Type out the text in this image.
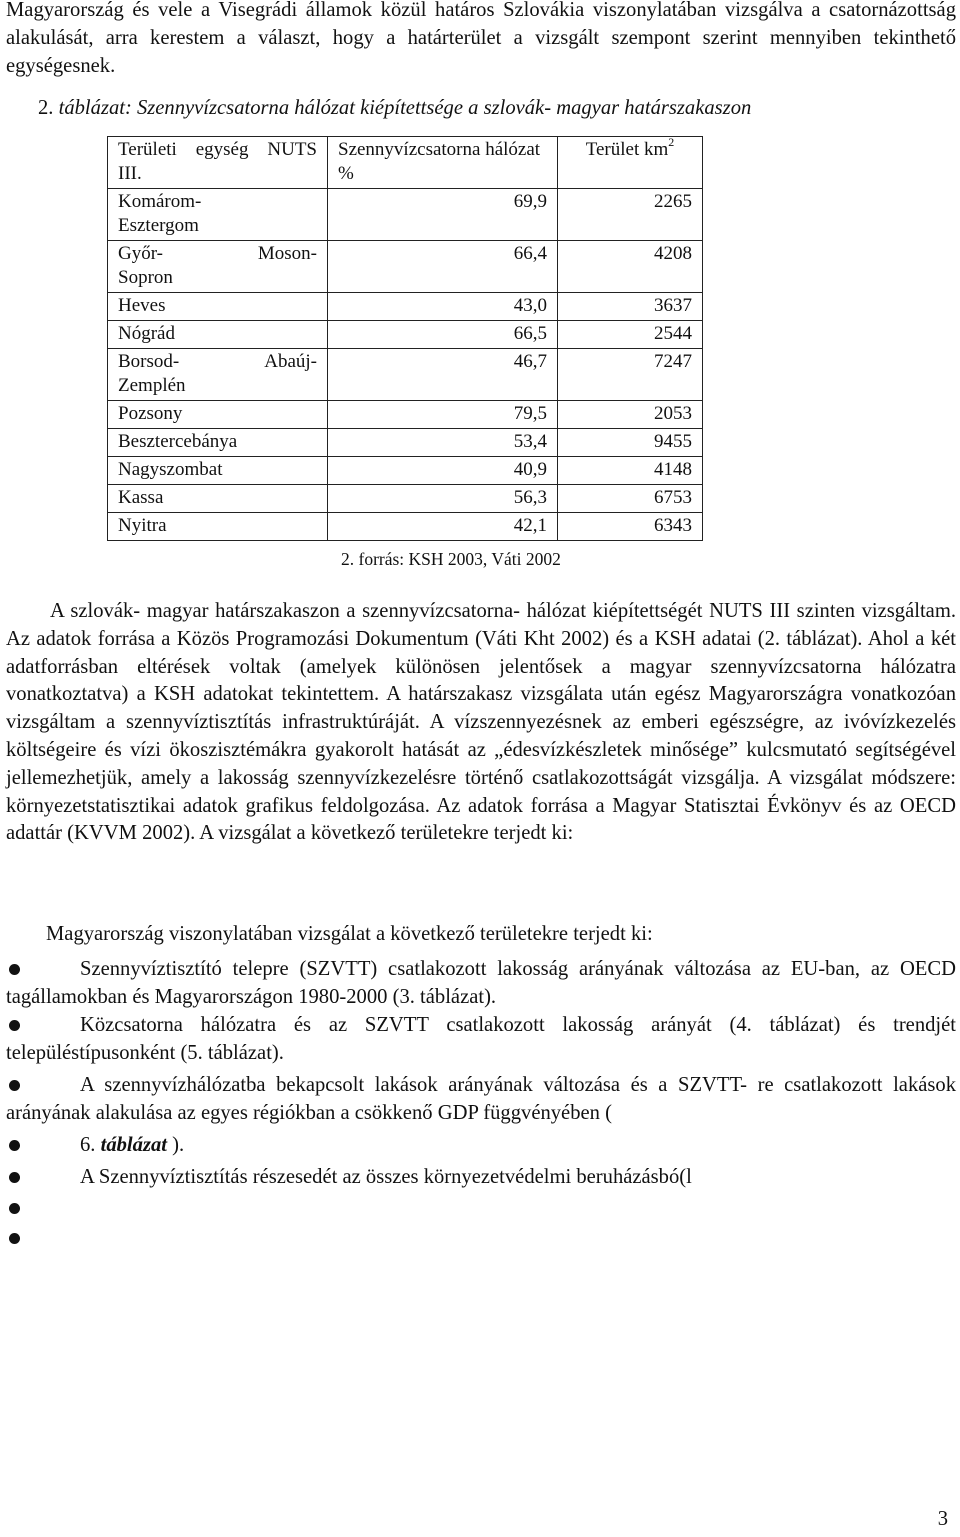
Magyarország és vele a Visegrádi államok közül határos Szlovákia viszonylatában vizsgálva a csatornázottság alakulását, arra kerestem a választ, hogy a határterület a vizsgált szempont szerint mennyiben tekinthető egységesnek.

2. táblázat: Szennyvízcsatorna hálózat kiépítettsége a szlovák- magyar határszakaszon

Területi egység NUTS III.	Szennyvízcsatorna hálózat %	Terület $km^2$
Komárom-
Esztergom	69,9	2265

Győr- Moson-
Sopron	66,4	4208
Heves	43,0	3637
Nógrád	66,5	2544

Borsod- Abaúj-
Zemplén	46,7	7247
Pozsony	79,5	2053
Besztercebánya	53,4	9455
Nagyszombat	40,9	4148
Kassa	56,3	6753
Nyitra	42,1	6343

2. forrás: KSH 2003, Váti 2002

A szlovák- magyar határszakaszon a szennyvízcsatorna- hálózat kiépítettségét NUTS III szinten vizsgáltam. Az adatok forrása a Közös Programozási Dokumentum (Váti Kht 2002) és a KSH adatai (2. táblázat). Ahol a két adatforrásban eltérések voltak (amelyek különösen jelentősek a magyar szennyvízcsatorna hálózatra vonatkoztatva) a KSH adatokat tekintettem. A határszakasz vizsgálata után egész Magyarországra vonatkozóan vizsgáltam a szennyvíztisztítás infrastruktúráját. A vízszennyezésnek az emberi egészségre, az ivóvízkezelés költségeire és vízi ökoszisztémákra gyakorolt hatását az „édesvízkészletek minősége” kulcsmutató segítségével jellemezhetjük, amely a lakosság szennyvízkezelésre történő csatlakozottságát vizsgálja. A vizsgálat módszere: környezetstatisztikai adatok grafikus feldolgozása. Az adatok forrása a Magyar Statisztai Évkönyv és az OECD adattár (KVVM 2002). A vizsgálat a következő területekre terjedt ki:

Magyarország viszonylatában vizsgálat a következő területekre terjedt ki:

Szennyvíztisztító telepre (SZVTT) csatlakozott lakosság arányának változása az EU-ban, az OECD tagállamokban és Magyarországon 1980-2000 (3. táblázat).

Közcsatorna hálózatra és az SZVTT csatlakozott lakosság arányát (4. táblázat) és trendjét településtípusonként (5. táblázat).

A szennyvízhálózatba bekapcsolt lakások arányának változása és a SZVTT- re csatlakozott lakások arányának alakulása az egyes régiókban a csökkenő GDP függvényében (

6. táblázat ).

A Szennyvíztisztítás részesedét az összes környezetvédelmi beruházásbó(l

3
